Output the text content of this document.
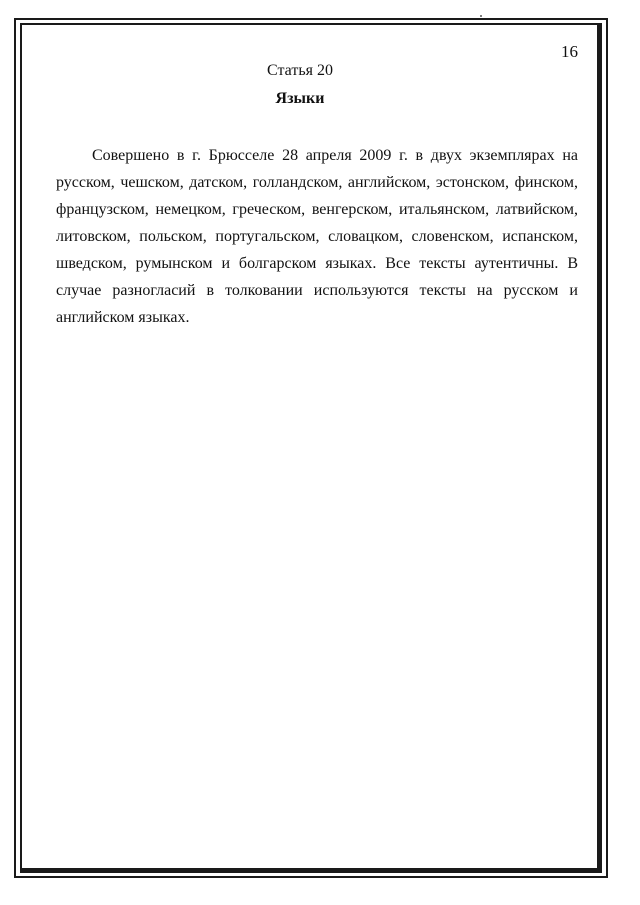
16
Статья 20
Языки

Совершено в г. Брюсселе 28 апреля 2009 г. в двух экземплярах на русском, чешском, датском, голландском, английском, эстонском, финском, французском, немецком, греческом, венгерском, итальянском, латвийском, литовском, польском, португальском, словацком, словенском, испанском, шведском, румынском и болгарском языках. Все тексты аутентичны. В случае разногласий в толковании используются тексты на русском и английском языках.
